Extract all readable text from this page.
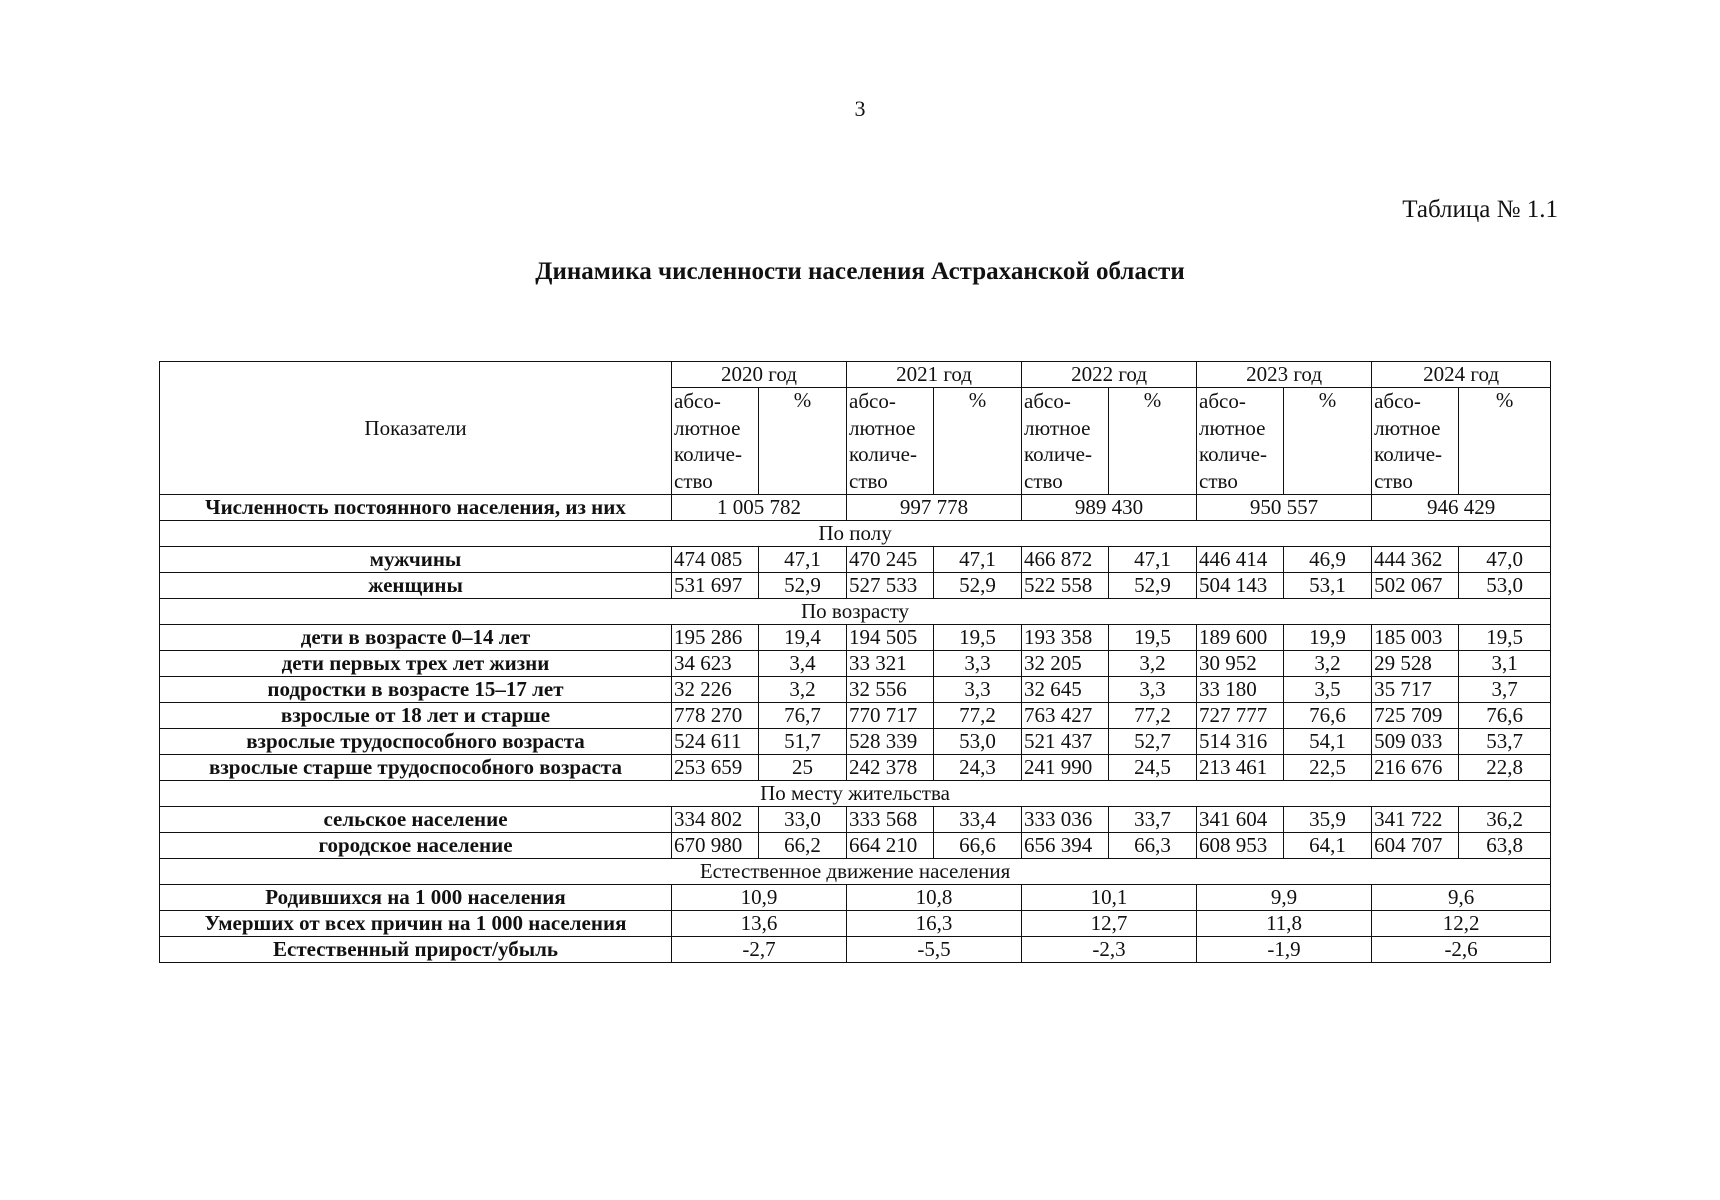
3
Таблица № 1.1
Динамика численности населения Астраханской области
Показатели	2020 год		2021 год		2022 год		2023 год		2024 год	
	абсо-
лютное
количе-
ство	%	абсо-
лютное
количе-
ство	%	абсо-
лютное
количе-
ство	%	абсо-
лютное
количе-
ство	%	абсо-
лютное
количе-
ство	%
Численность постоянного населения, из них	1 005 782		997 778		989 430		950 557		946 429	
По полу										
мужчины	474 085	47,1	470 245	47,1	466 872	47,1	446 414	46,9	444 362	47,0
женщины	531 697	52,9	527 533	52,9	522 558	52,9	504 143	53,1	502 067	53,0
По возрасту										
дети в возрасте 0–14 лет	195 286	19,4	194 505	19,5	193 358	19,5	189 600	19,9	185 003	19,5
дети первых трех лет жизни	34 623	3,4	33 321	3,3	32 205	3,2	30 952	3,2	29 528	3,1
подростки в возрасте 15–17 лет	32 226	3,2	32 556	3,3	32 645	3,3	33 180	3,5	35 717	3,7
взрослые от 18 лет и старше	778 270	76,7	770 717	77,2	763 427	77,2	727 777	76,6	725 709	76,6
взрослые трудоспособного возраста	524 611	51,7	528 339	53,0	521 437	52,7	514 316	54,1	509 033	53,7
взрослые старше трудоспособного возраста	253 659	25	242 378	24,3	241 990	24,5	213 461	22,5	216 676	22,8
По месту жительства										
сельское население	334 802	33,0	333 568	33,4	333 036	33,7	341 604	35,9	341 722	36,2
городское население	670 980	66,2	664 210	66,6	656 394	66,3	608 953	64,1	604 707	63,8
Естественное движение населения										
Родившихся на 1 000 населения	10,9		10,8		10,1		9,9		9,6	
Умерших от всех причин на 1 000 населения	13,6		16,3		12,7		11,8		12,2	
Естественный прирост/убыль	-2,7		-5,5		-2,3		-1,9		-2,6	
